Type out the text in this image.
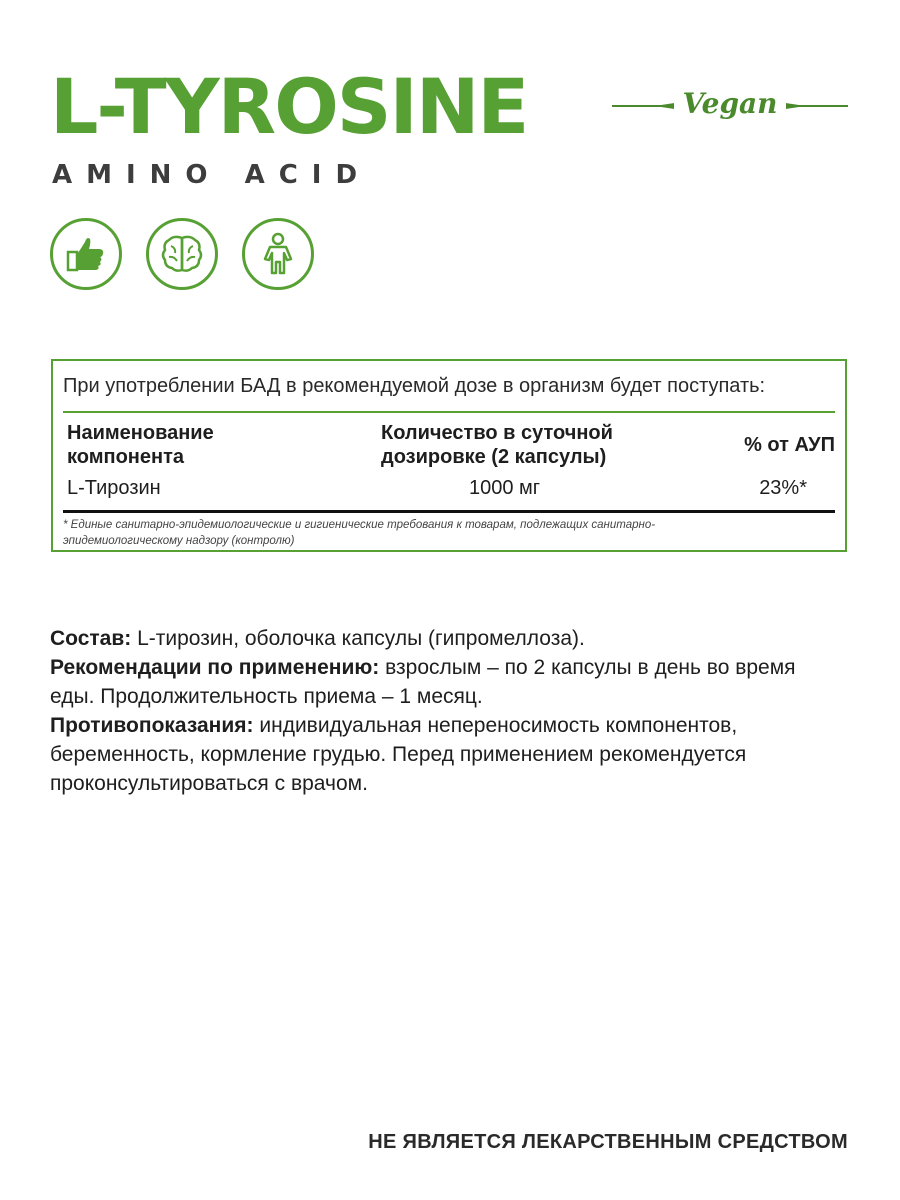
L-TYROSINE
AMINO ACID
Vegan
При употреблении БАД в рекомендуемой дозе в организм будет поступать:
Наименование компонента
Количество в суточной дозировке (2 капсулы)
% от АУП
L-Тирозин	1000 мг	23%*
* Единые санитарно-эпидемиологические и гигиенические требования к товарам, подлежащих санитарно-эпидемиологическому надзору (контролю)

Состав: L-тирозин, оболочка капсулы (гипромеллоза).

Рекомендации по применению: взрослым – по 2 капсулы в день во время еды. Продолжительность приема – 1 месяц.

Противопоказания: индивидуальная непереносимость компонентов, беременность, кормление грудью. Перед применением рекомендуется проконсультироваться с врачом.

НЕ ЯВЛЯЕТСЯ ЛЕКАРСТВЕННЫМ СРЕДСТВОМ
